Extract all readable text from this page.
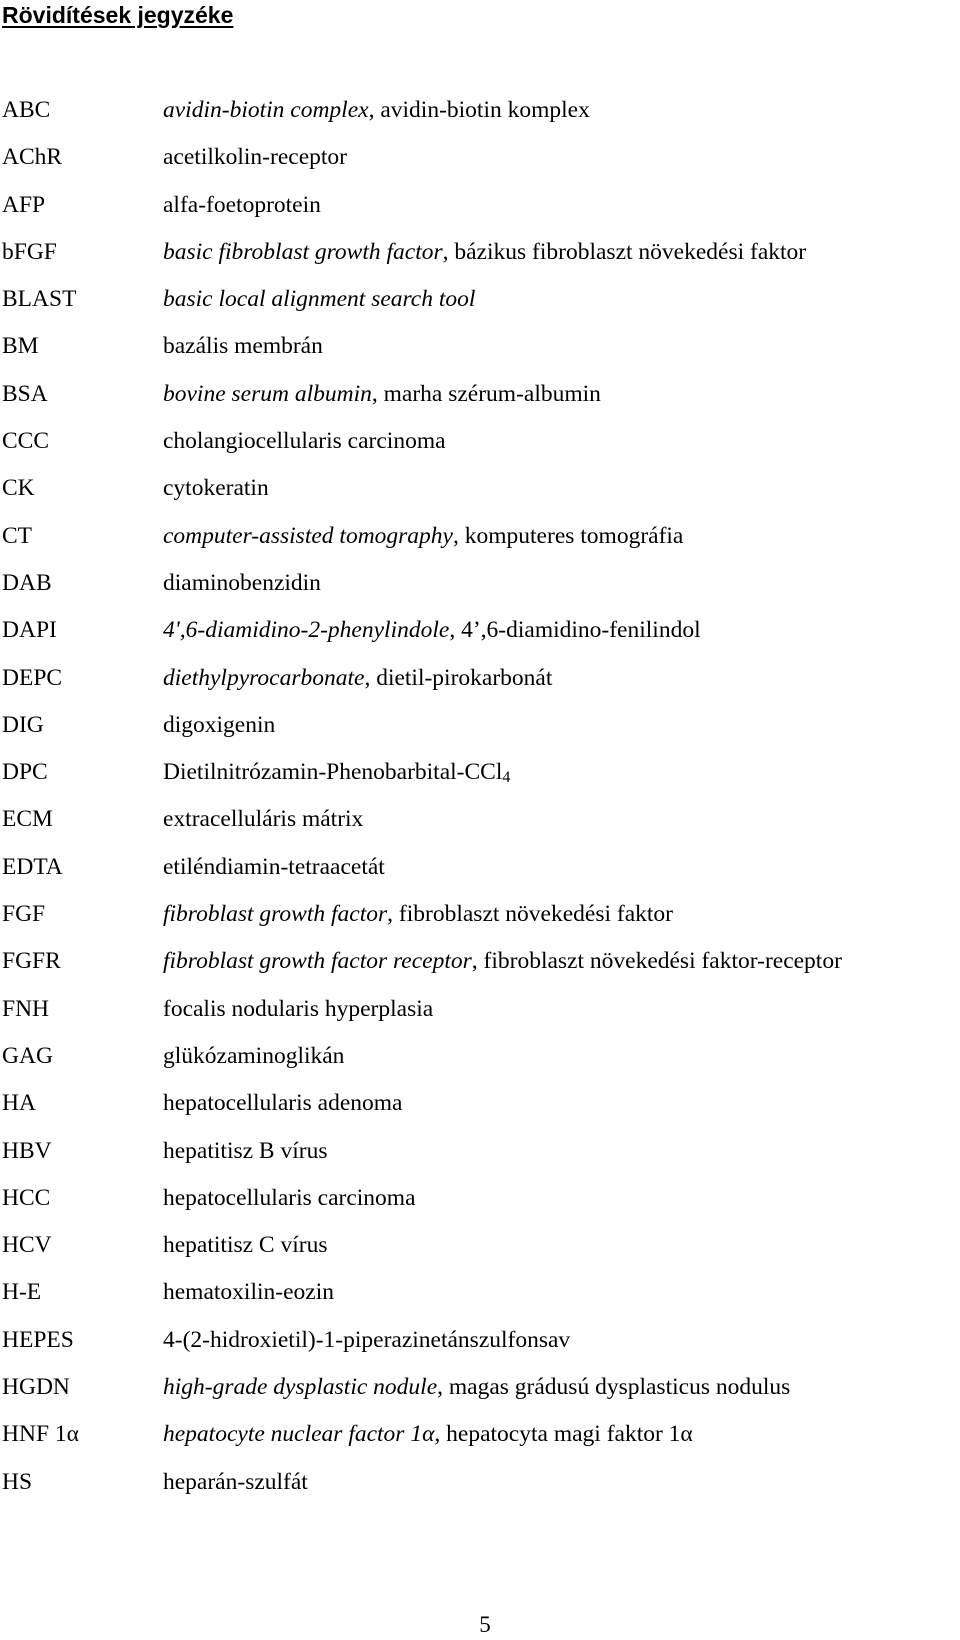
Rövidítések jegyzéke
ABC	avidin-biotin complex, avidin-biotin komplex
AChR	acetilkolin-receptor
AFP	alfa-foetoprotein
bFGF	basic fibroblast growth factor, bázikus fibroblaszt növekedési faktor
BLAST	basic local alignment search tool
BM	bazális membrán
BSA	bovine serum albumin, marha szérum-albumin
CCC	cholangiocellularis carcinoma
CK	cytokeratin
CT	computer-assisted tomography, komputeres tomográfia
DAB	diaminobenzidin
DAPI	4',6-diamidino-2-phenylindole, 4’,6-diamidino-fenilindol
DEPC	diethylpyrocarbonate, dietil-pirokarbonát
DIG	digoxigenin
DPC	Dietilnitrózamin-Phenobarbital-CCl$_4$
ECM	extracelluláris mátrix
EDTA	etiléndiamin-tetraacetát
FGF	fibroblast growth factor, fibroblaszt növekedési faktor
FGFR	fibroblast growth factor receptor, fibroblaszt növekedési faktor-receptor
FNH	focalis nodularis hyperplasia
GAG	glükózaminoglikán
HA	hepatocellularis adenoma
HBV	hepatitisz B vírus
HCC	hepatocellularis carcinoma
HCV	hepatitisz C vírus
H-E	hematoxilin-eozin
HEPES	4-(2-hidroxietil)-1-piperazinetánszulfonsav
HGDN	high-grade dysplastic nodule, magas grádusú dysplasticus nodulus
HNF 1α	hepatocyte nuclear factor 1α, hepatocyta magi faktor 1α
HS	heparán-szulfát
5
